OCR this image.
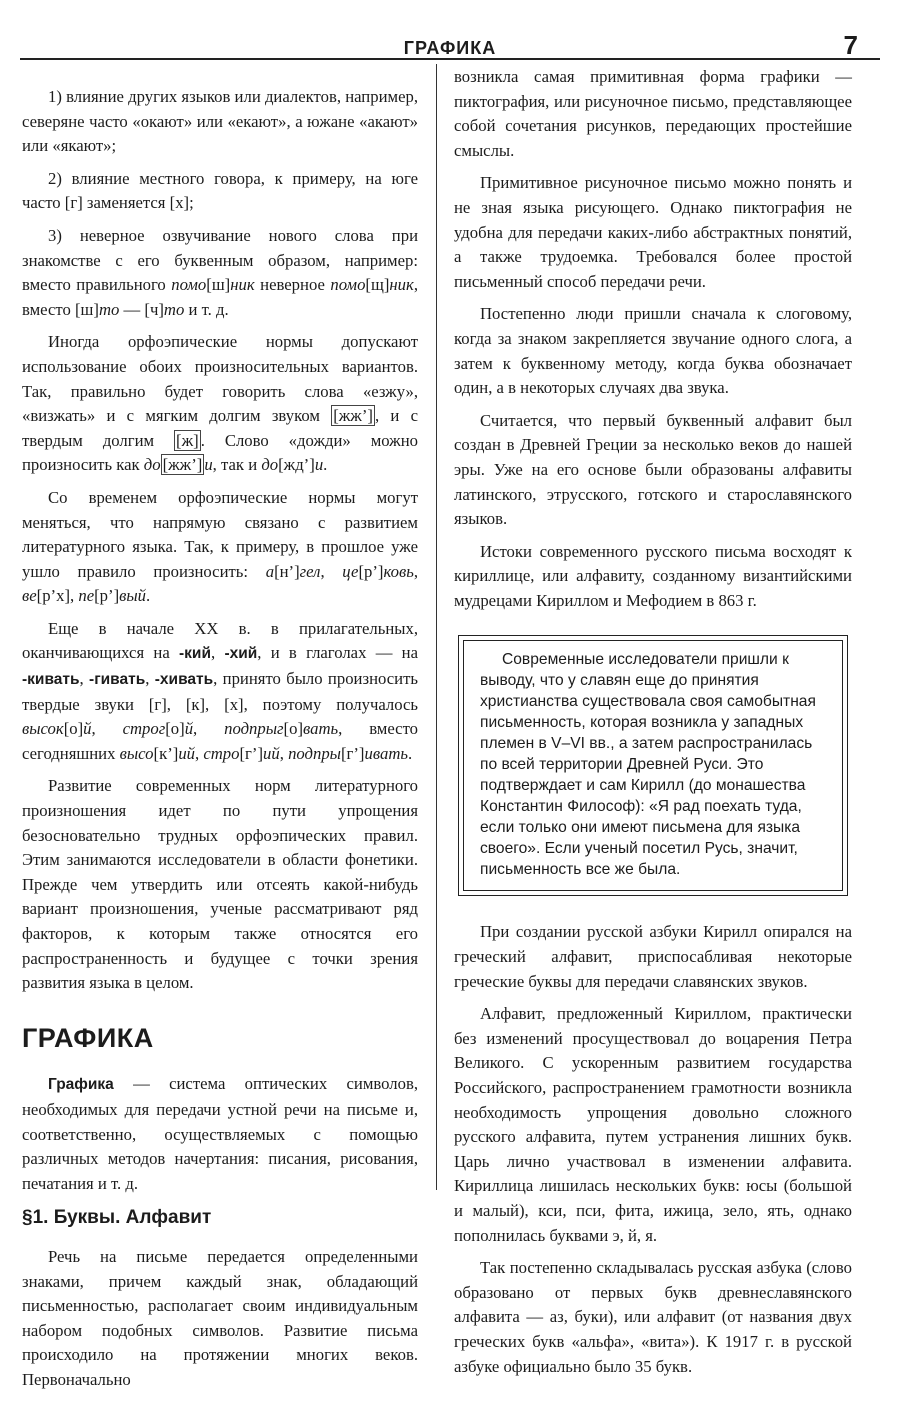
ГРАФИКА	7

1) влияние других языков или диалектов, например, северяне часто «окают» или «екают», а южане «акают» или «якают»;

2) влияние местного говора, к примеру, на юге часто [г] заменяется [х];

3) неверное озвучивание нового слова при знакомстве с его буквенным образом, например: вместо правильного помо[ш]ник неверное помо[щ]ник, вместо [ш]то — [ч]то и т. д.

Иногда орфоэпические нормы допускают использование обоих произносительных вариантов. Так, правильно будет говорить слова «езжу», «визжать» и с мягким долгим звуком [жж’] , и с твердым долгим [ж] . Слово «дожди» можно произносить как до [жж’] и, так и до[жд’]и.

Со временем орфоэпические нормы могут меняться, что напрямую связано с развитием литературного языка. Так, к примеру, в прошлое уже ушло правило произносить: а[н’]гел, це[р’]ковь, ве[р’х], пе[р’]вый.

Еще в начале XX в. в прилагательных, оканчивающихся на -кий, -хий, и в глаголах — на -кивать, -гивать, -хивать, принято было произносить твердые звуки [г], [к], [х], поэтому получалось высок[о]й, строг[о]й, подпрыг[о]вать, вместо сегодняшних высо[к’]ий, стро[г’]ий, подпры[г’]ивать.

Развитие современных норм литературного произношения идет по пути упрощения безосновательно трудных орфоэпических правил. Этим занимаются исследователи в области фонетики. Прежде чем утвердить или отсеять какой-нибудь вариант произношения, ученые рассматривают ряд факторов, к которым также относятся его распространенность и будущее с точки зрения развития языка в целом.

ГРАФИКА

Графика — система оптических символов, необходимых для передачи устной речи на письме и, соответственно, осуществляемых с помощью различных методов начертания: писания, рисования, печатания и т. д.

§1. Буквы. Алфавит

Речь на письме передается определенными знаками, причем каждый знак, обладающий письменностью, располагает своим индивидуальным набором подобных символов. Развитие письма происходило на протяжении многих веков. Первоначально

возникла самая примитивная форма графики — пиктография, или рисуночное письмо, представляющее собой сочетания рисунков, передающих простейшие смыслы.

Примитивное рисуночное письмо можно понять и не зная языка рисующего. Однако пиктография не удобна для передачи каких-либо абстрактных понятий, а также трудоемка. Требовался более простой письменный способ передачи речи.

Постепенно люди пришли сначала к слоговому, когда за знаком закрепляется звучание одного слога, а затем к буквенному методу, когда буква обозначает один, а в некоторых случаях два звука.

Считается, что первый буквенный алфавит был создан в Древней Греции за несколько веков до нашей эры. Уже на его основе были образованы алфавиты латинского, этрусского, готского и старославянского языков.

Истоки современного русского письма восходят к кириллице, или алфавиту, созданному византийскими мудрецами Кириллом и Мефодием в 863 г.

Современные исследователи пришли к выводу, что у славян еще до принятия христианства существовала своя самобытная письменность, которая возникла у западных племен в V–VI вв., а затем распространилась по всей территории Древней Руси. Это подтверждает и сам Кирилл (до монашества Константин Философ): «Я рад поехать туда, если только они имеют письмена для языка своего». Если ученый посетил Русь, значит, письменность все же была.

При создании русской азбуки Кирилл опирался на греческий алфавит, приспосабливая некоторые греческие буквы для передачи славянских звуков.

Алфавит, предложенный Кириллом, практически без изменений просуществовал до воцарения Петра Великого. С ускоренным развитием государства Российского, распространением грамотности возникла необходимость упрощения довольно сложного русского алфавита, путем устранения лишних букв. Царь лично участвовал в изменении алфавита. Кириллица лишилась нескольких букв: юсы (большой и малый), кси, пси, фита, ижица, зело, ять, однако пополнилась буквами э, й, я.

Так постепенно складывалась русская азбука (слово образовано от первых букв древнеславянского алфавита — аз, буки), или алфавит (от названия двух греческих букв «альфа», «вита»). К 1917 г. в русской азбуке официально было 35 букв.
